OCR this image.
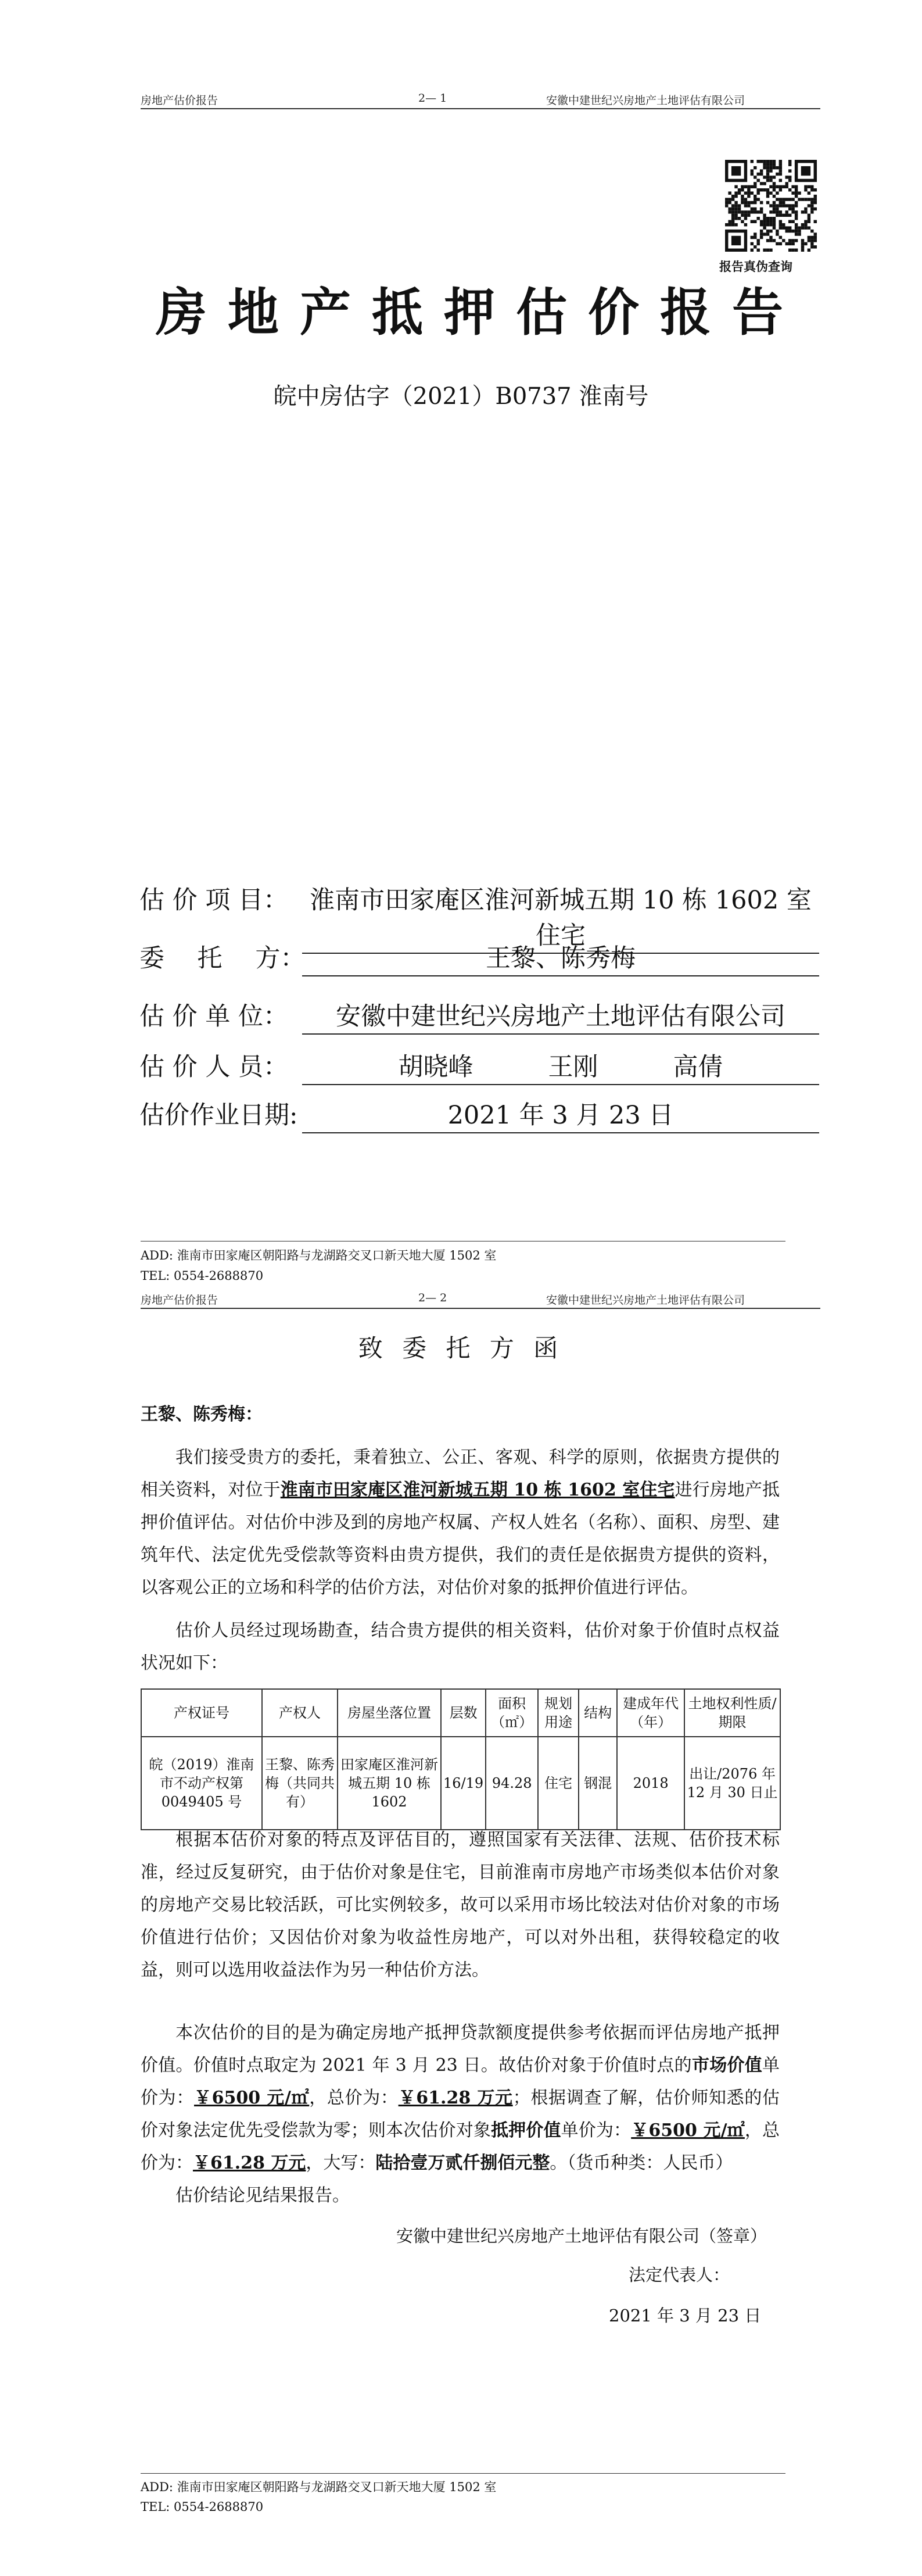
房地产估价报告	2— 1	安徽中建世纪兴房地产土地评估有限公司
报告真伪查询
房地产抵押估价报告
皖中房估字（2021）B0737 淮南号
估 价 项 目： 淮南市田家庵区淮河新城五期 10 栋 1602 室住宅
委　 托　 方：	王黎、陈秀梅
估 价 单 位：	安徽中建世纪兴房地产土地评估有限公司
估 价 人 员：	胡晓峰　　　王刚　　　高倩
估价作业日期:	2021 年 3 月 23 日
ADD: 淮南市田家庵区朝阳路与龙湖路交叉口新天地大厦 1502 室
TEL: 0554-2688870
房地产估价报告	2— 2	安徽中建世纪兴房地产土地评估有限公司
致 委 托 方 函
王黎、陈秀梅：
我们接受贵方的委托，秉着独立、公正、客观、科学的原则，依据贵方提供的相关资料，对位于淮南市田家庵区淮河新城五期 10 栋 1602 室住宅进行房地产抵押价值评估。对估价中涉及到的房地产权属、产权人姓名（名称）、面积、房型、建筑年代、法定优先受偿款等资料由贵方提供，我们的责任是依据贵方提供的资料，以客观公正的立场和科学的估价方法，对估价对象的抵押价值进行评估。
估价人员经过现场勘查，结合贵方提供的相关资料，估价对象于价值时点权益状况如下：
产权证号	产权人	房屋坐落位置	层数	面积（㎡）	规划用途	结构	建成年代（年）	土地权利性质/期限
皖（2019）淮南市不动产权第 0049405 号	王黎、陈秀梅（共同共有）	田家庵区淮河新城五期 10 栋 1602	16/19	94.28	住宅	钢混	2018	出让/2076 年 12 月 30 日止
根据本估价对象的特点及评估目的，遵照国家有关法律、法规、估价技术标准，经过反复研究，由于估价对象是住宅，目前淮南市房地产市场类似本估价对象的房地产交易比较活跃，可比实例较多，故可以采用市场比较法对估价对象的市场价值进行估价；又因估价对象为收益性房地产，可以对外出租，获得较稳定的收益，则可以选用收益法作为另一种估价方法。
本次估价的目的是为确定房地产抵押贷款额度提供参考依据而评估房地产抵押价值。价值时点取定为 2021 年 3 月 23 日。故估价对象于价值时点的市场价值单价为：￥6500 元/㎡，总价为：￥61.28 万元；根据调查了解，估价师知悉的估价对象法定优先受偿款为零；则本次估价对象抵押价值单价为：￥6500 元/㎡，总价为：￥61.28 万元，大写：陆拾壹万贰仟捌佰元整。（货币种类：人民币）
估价结论见结果报告。
安徽中建世纪兴房地产土地评估有限公司（签章）
法定代表人：
2021 年 3 月 23 日
ADD: 淮南市田家庵区朝阳路与龙湖路交叉口新天地大厦 1502 室
TEL: 0554-2688870
